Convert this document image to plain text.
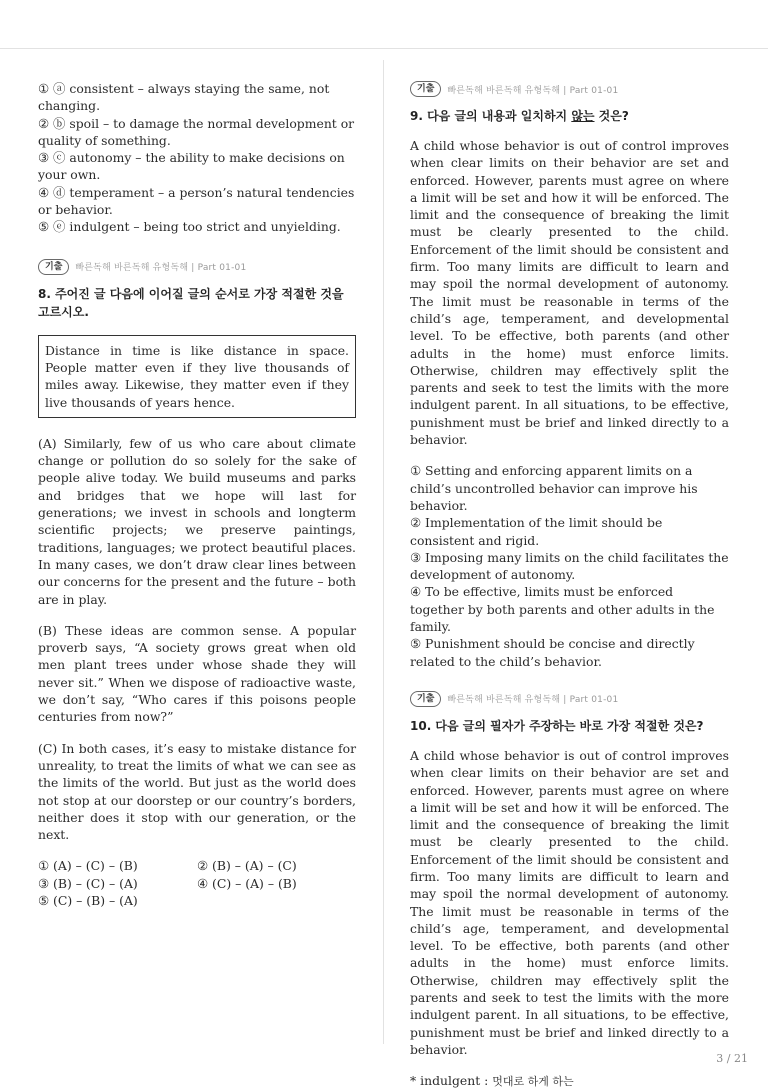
① ⓐ consistent – always staying the same, not changing.

② ⓑ spoil – to damage the normal development or quality of something.

③ ⓒ autonomy – the ability to make decisions on your own.

④ ⓓ temperament – a person’s natural tendencies or behavior.

⑤ ⓔ indulgent – being too strict and unyielding.

기출	빠른독해 바른독해 유형독해 | Part 01-01

8. 주어진 글 다음에 이어질 글의 순서로 가장 적절한 것을 고르시오.

Distance in time is like distance in space. People matter even if they live thousands of miles away. Likewise, they matter even if they live thousands of years hence.

(A) Similarly, few of us who care about climate change or pollution do so solely for the sake of people alive today. We build museums and parks and bridges that we hope will last for generations; we invest in schools and longterm scientific projects; we preserve paintings, traditions, languages; we protect beautiful places. In many cases, we don’t draw clear lines between our concerns for the present and the future – both are in play.

(B) These ideas are common sense. A popular proverb says, “A society grows great when old men plant trees under whose shade they will never sit.” When we dispose of radioactive waste, we don’t say, “Who cares if this poisons people centuries from now?”

(C) In both cases, it’s easy to mistake distance for unreality, to treat the limits of what we can see as the limits of the world. But just as the world does not stop at our doorstep or our country’s borders, neither does it stop with our generation, or the next.

① (A) – (C) – (B)	② (B) – (A) – (C)
③ (B) – (C) – (A)	④ (C) – (A) – (B)
⑤ (C) – (B) – (A)
기출	빠른독해 바른독해 유형독해 | Part 01-01

9. 다음 글의 내용과 일치하지 않는 것은?

A child whose behavior is out of control improves when clear limits on their behavior are set and enforced. However, parents must agree on where a limit will be set and how it will be enforced. The limit and the consequence of breaking the limit must be clearly presented to the child. Enforcement of the limit should be consistent and firm. Too many limits are difficult to learn and may spoil the normal development of autonomy. The limit must be reasonable in terms of the child’s age, temperament, and developmental level. To be effective, both parents (and other adults in the home) must enforce limits. Otherwise, children may effectively split the parents and seek to test the limits with the more indulgent parent. In all situations, to be effective, punishment must be brief and linked directly to a behavior.

① Setting and enforcing apparent limits on a child’s uncontrolled behavior can improve his behavior.

② Implementation of the limit should be consistent and rigid.

③ Imposing many limits on the child facilitates the development of autonomy.

④ To be effective, limits must be enforced together by both parents and other adults in the family.

⑤ Punishment should be concise and directly related to the child’s behavior.

기출	빠른독해 바른독해 유형독해 | Part 01-01

10. 다음 글의 필자가 주장하는 바로 가장 적절한 것은?

A child whose behavior is out of control improves when clear limits on their behavior are set and enforced. However, parents must agree on where a limit will be set and how it will be enforced. The limit and the consequence of breaking the limit must be clearly presented to the child. Enforcement of the limit should be consistent and firm. Too many limits are difficult to learn and may spoil the normal development of autonomy. The limit must be reasonable in terms of the child’s age, temperament, and developmental level. To be effective, both parents (and other adults in the home) must enforce limits. Otherwise, children may effectively split the parents and seek to test the limits with the more indulgent parent. In all situations, to be effective, punishment must be brief and linked directly to a behavior.

* indulgent : 멋대로 하게 하는

3 / 21
